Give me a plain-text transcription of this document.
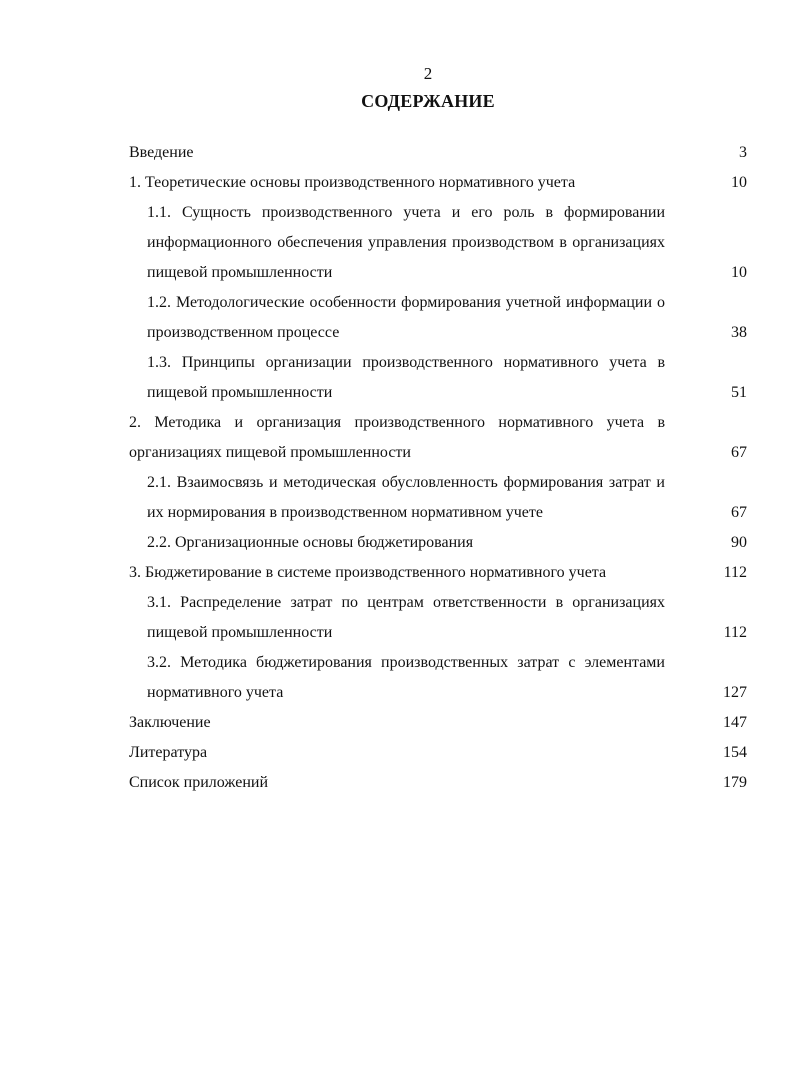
2
СОДЕРЖАНИЕ
Введение	3
1. Теоретические основы производственного нормативного учета	10
1.1. Сущность производственного учета и его роль в формировании информационного обеспечения управления производством в организациях пищевой промышленности	10
1.2. Методологические особенности формирования учетной информации о производственном процессе	38
1.3. Принципы организации производственного нормативного учета в пищевой промышленности	51
2. Методика и организация производственного нормативного учета в организациях пищевой промышленности	67
2.1. Взаимосвязь и методическая обусловленность формирования затрат и их нормирования в производственном нормативном учете	67
2.2. Организационные основы бюджетирования	90
3. Бюджетирование в системе производственного нормативного учета	112
3.1. Распределение затрат по центрам ответственности в организациях пищевой промышленности	112
3.2. Методика бюджетирования производственных затрат с элементами нормативного учета	127
Заключение	147
Литература	154
Список приложений	179
